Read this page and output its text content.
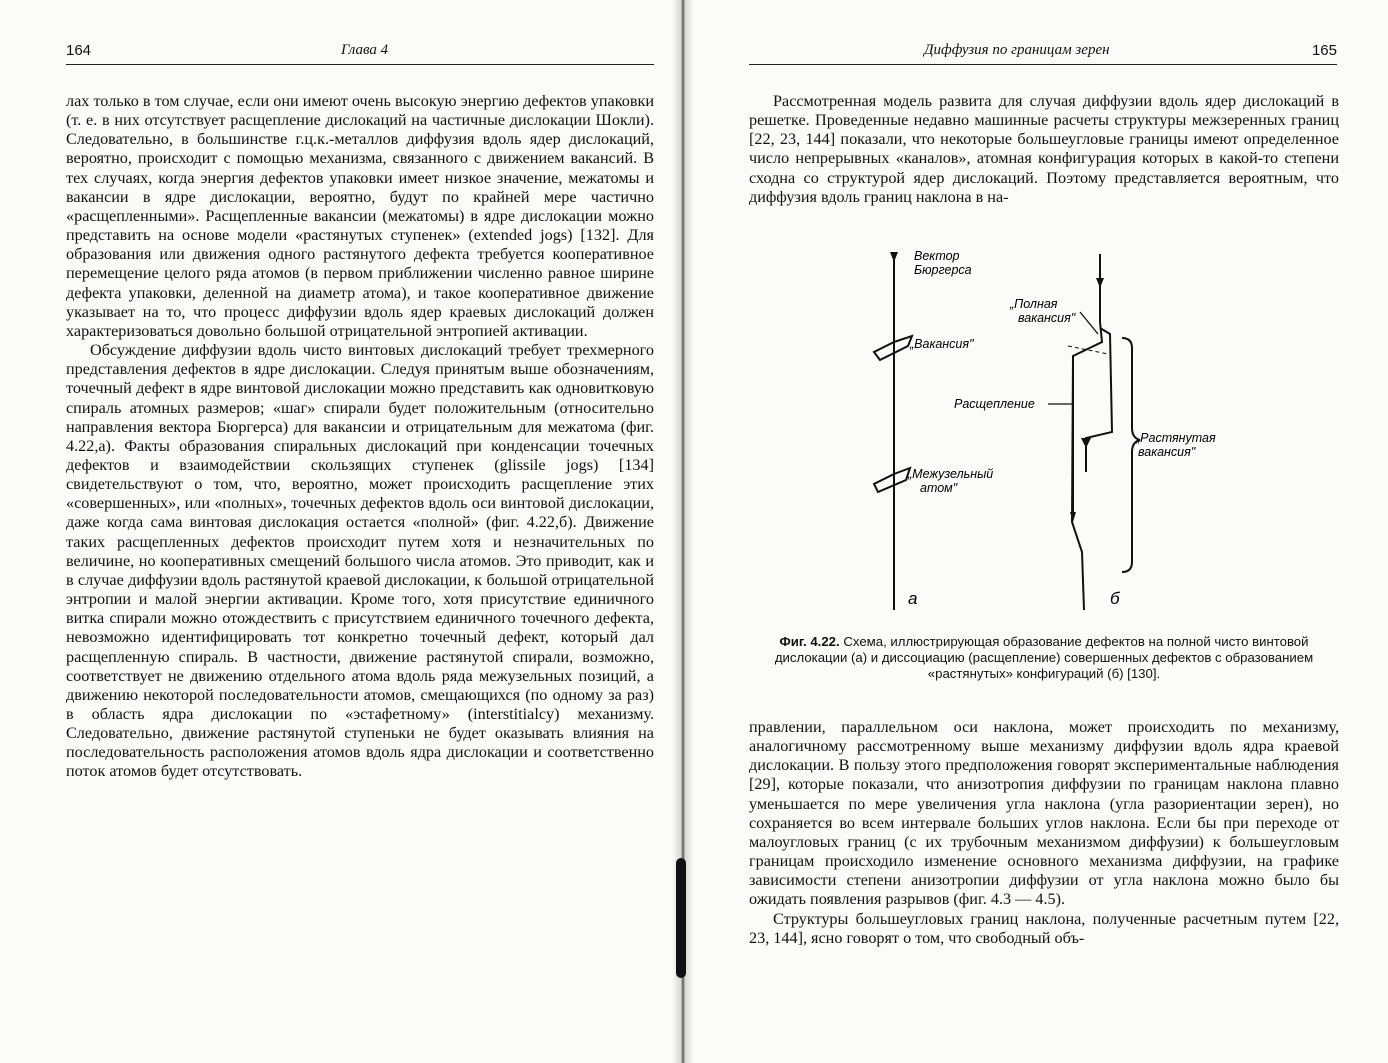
164	Глава 4

лах только в том случае, если они имеют очень высокую энергию дефектов упаковки (т. е. в них отсутствует расщепление дислокаций на частичные дислокации Шокли). Следовательно, в большинстве г.ц.к.-металлов диффузия вдоль ядер дислокаций, вероятно, происходит с помощью механизма, связанного с движением вакансий. В тех случаях, когда энергия дефектов упаковки имеет низкое значение, межатомы и вакансии в ядре дислокации, вероятно, будут по крайней мере частично «расщепленными». Расщепленные вакансии (межатомы) в ядре дислокации можно представить на основе модели «растянутых ступенек» (extended jogs) [132]. Для образования или движения одного растянутого дефекта требуется кооперативное перемещение целого ряда атомов (в первом приближении численно равное ширине дефекта упаковки, деленной на диаметр атома), и такое кооперативное движение указывает на то, что процесс диффузии вдоль ядер краевых дислокаций должен характеризоваться довольно большой отрицательной энтропией активации.

Обсуждение диффузии вдоль чисто винтовых дислокаций требует трехмерного представления дефектов в ядре дислокации. Следуя принятым выше обозначениям, точечный дефект в ядре винтовой дислокации можно представить как одновитковую спираль атомных размеров; «шаг» спирали будет положительным (относительно направления вектора Бюргерса) для вакансии и отрицательным для межатома (фиг. 4.22,а). Факты образования спиральных дислокаций при конденсации точечных дефектов и взаимодействии скользящих ступенек (glissile jogs) [134] свидетельствуют о том, что, вероятно, может происходить расщепление этих «совершенных», или «полных», точечных дефектов вдоль оси винтовой дислокации, даже когда сама винтовая дислокация остается «полной» (фиг. 4.22,б). Движение таких расщепленных дефектов происходит путем хотя и незначительных по величине, но кооперативных смещений большого числа атомов. Это приводит, как и в случае диффузии вдоль растянутой краевой дислокации, к большой отрицательной энтропии и малой энергии активации. Кроме того, хотя присутствие единичного витка спирали можно отождествить с присутствием единичного точечного дефекта, невозможно идентифицировать тот конкретно точечный дефект, который дал расщепленную спираль. В частности, движение растянутой спирали, возможно, соответствует не движению отдельного атома вдоль ряда межузельных позиций, а движению некоторой последовательности атомов, смещающихся (по одному за раз) в область ядра дислокации по «эстафетному» (interstitialcy) механизму. Следовательно, движение растянутой ступеньки не будет оказывать влияния на последовательность расположения атомов вдоль ядра дислокации и соответственно поток атомов будет отсутствовать.

Диффузия по границам зерен	165

Рассмотренная модель развита для случая диффузии вдоль ядер дислокаций в решетке. Проведенные недавно машинные расчеты структуры межзеренных границ [22, 23, 144] показали, что некоторые большеугловые границы имеют определенное число непрерывных «каналов», атомная конфигурация которых в какой-то степени сходна со структурой ядер дислокаций. Поэтому представляется вероятным, что диффузия вдоль границ наклона в на-

Вектор
Бюргерса
„Вакансия"
„Межузельный
атом"
„Полная
вакансия"
Расщепление
„Растянутая
вакансия"
а	б
Фиг. 4.22. Схема, иллюстрирующая образование дефектов на полной чисто винтовой дислокации (а) и диссоциацию (расщепление) совершенных дефектов с образованием «растянутых» конфигураций (б) [130].

правлении, параллельном оси наклона, может происходить по механизму, аналогичному рассмотренному выше механизму диффузии вдоль ядра краевой дислокации. В пользу этого предположения говорят экспериментальные наблюдения [29], которые показали, что анизотропия диффузии по границам наклона плавно уменьшается по мере увеличения угла наклона (угла разориентации зерен), но сохраняется во всем интервале больших углов наклона. Если бы при переходе от малоугловых границ (с их трубочным механизмом диффузии) к большеугловым границам происходило изменение основного механизма диффузии, на графике зависимости степени анизотропии диффузии от угла наклона можно было бы ожидать появления разрывов (фиг. 4.3 — 4.5).

Структуры большеугловых границ наклона, полученные расчетным путем [22, 23, 144], ясно говорят о том, что свободный объ-
